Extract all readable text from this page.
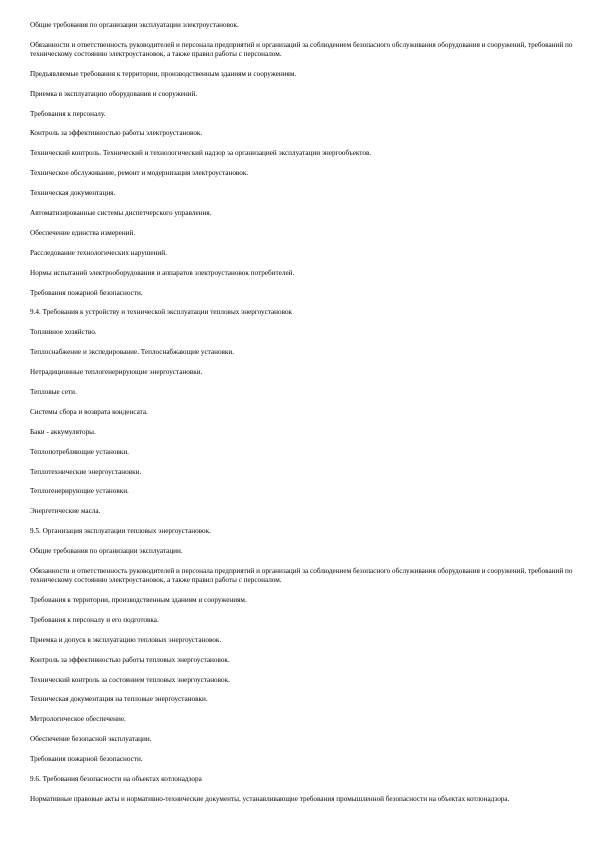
Общие требования по организации эксплуатации электроустановок.

Обязанности и ответственность руководителей и персонала предприятий и организаций за соблюдением безопасного обслуживания оборудования и сооружений, требований по техническому состоянию электроустановок, а также правил работы с персоналом.

Предъявляемые требования к территории, производственным зданиям и сооружениям.

Приемка в эксплуатацию оборудования и сооружений.

Требования к персоналу.

Контроль за эффективностью работы электроустановок.

Технический контроль. Технический и технологический надзор за организацией эксплуатации энергообъектов.

Техническое обслуживание, ремонт и модернизация электроустановок.

Техническая документация.

Автоматизированные системы диспетчерского управления.

Обеспечение единства измерений.

Расследование технологических нарушений.

Нормы испытаний электрооборудования и аппаратов электроустановок потребителей.

Требования пожарной безопасности.

9.4. Требования к устройству и технической эксплуатации тепловых энергоустановок

Топливное хозяйство.

Теплоснабжение и экспедирование. Теплоснабжающие установки.

Нетрадиционные теплогенерирующие энергоустановки.

Тепловые сети.

Системы сбора и возврата конденсата.

Баки - аккумуляторы.

Теплопотребляющие установки.

Теплотехнические энергоустановки.

Теплогенерирующие установки.

Энергетические масла.

9.5. Организация эксплуатации тепловых энергоустановок.

Общие требования по организации эксплуатации.

Обязанности и ответственность руководителей и персонала предприятий и организаций за соблюдением безопасного обслуживания оборудования и сооружений, требований по техническому состоянию электроустановок, а также правил работы с персоналом.

Требования к территории, производственным зданиям и сооружениям.

Требования к персоналу и его подготовка.

Приемка и допуск в эксплуатацию тепловых энергоустановок.

Контроль за эффективностью работы тепловых энергоустановок.

Технический контроль за состоянием тепловых энергоустановок.

Техническая документация на тепловые энергоустановки.

Метрологическое обеспечение.

Обеспечение безопасной эксплуатации.

Требования пожарной безопасности.

9.6. Требования безопасности на объектах котлонадзора

Нормативные правовые акты и нормативно-технические документы, устанавливающие требования промышленной безопасности на объектах котлонадзора.
